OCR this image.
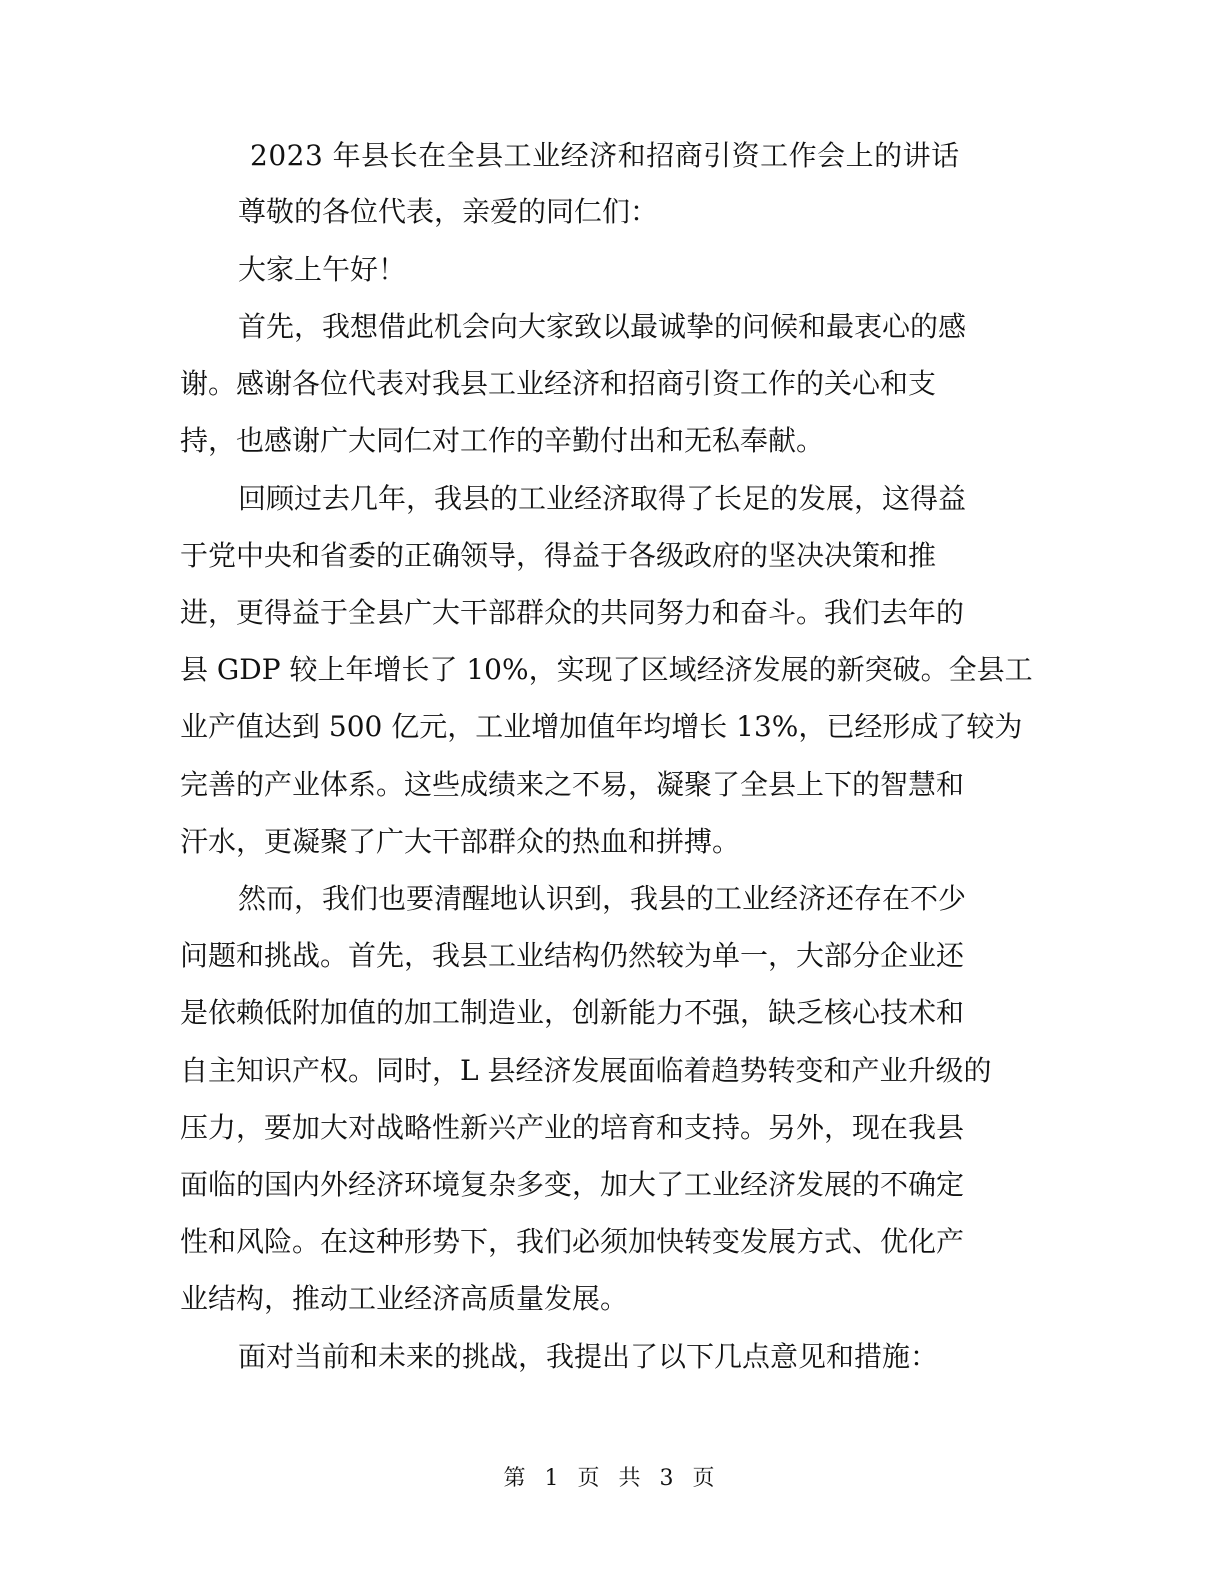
2023 年县长在全县工业经济和招商引资工作会上的讲话
尊敬的各位代表，亲爱的同仁们：
大家上午好！
首先，我想借此机会向大家致以最诚挚的问候和最衷心的感
谢。感谢各位代表对我县工业经济和招商引资工作的关心和支
持，也感谢广大同仁对工作的辛勤付出和无私奉献。
回顾过去几年，我县的工业经济取得了长足的发展，这得益
于党中央和省委的正确领导，得益于各级政府的坚决决策和推
进，更得益于全县广大干部群众的共同努力和奋斗。我们去年的
县 GDP 较上年增长了 10%，实现了区域经济发展的新突破。全县工
业产值达到 500 亿元，工业增加值年均增长 13%，已经形成了较为
完善的产业体系。这些成绩来之不易，凝聚了全县上下的智慧和
汗水，更凝聚了广大干部群众的热血和拼搏。
然而，我们也要清醒地认识到，我县的工业经济还存在不少
问题和挑战。首先，我县工业结构仍然较为单一，大部分企业还
是依赖低附加值的加工制造业，创新能力不强，缺乏核心技术和
自主知识产权。同时，L 县经济发展面临着趋势转变和产业升级的
压力，要加大对战略性新兴产业的培育和支持。另外，现在我县
面临的国内外经济环境复杂多变，加大了工业经济发展的不确定
性和风险。在这种形势下，我们必须加快转变发展方式、优化产
业结构，推动工业经济高质量发展。
面对当前和未来的挑战，我提出了以下几点意见和措施：
第 1 页 共 3 页
